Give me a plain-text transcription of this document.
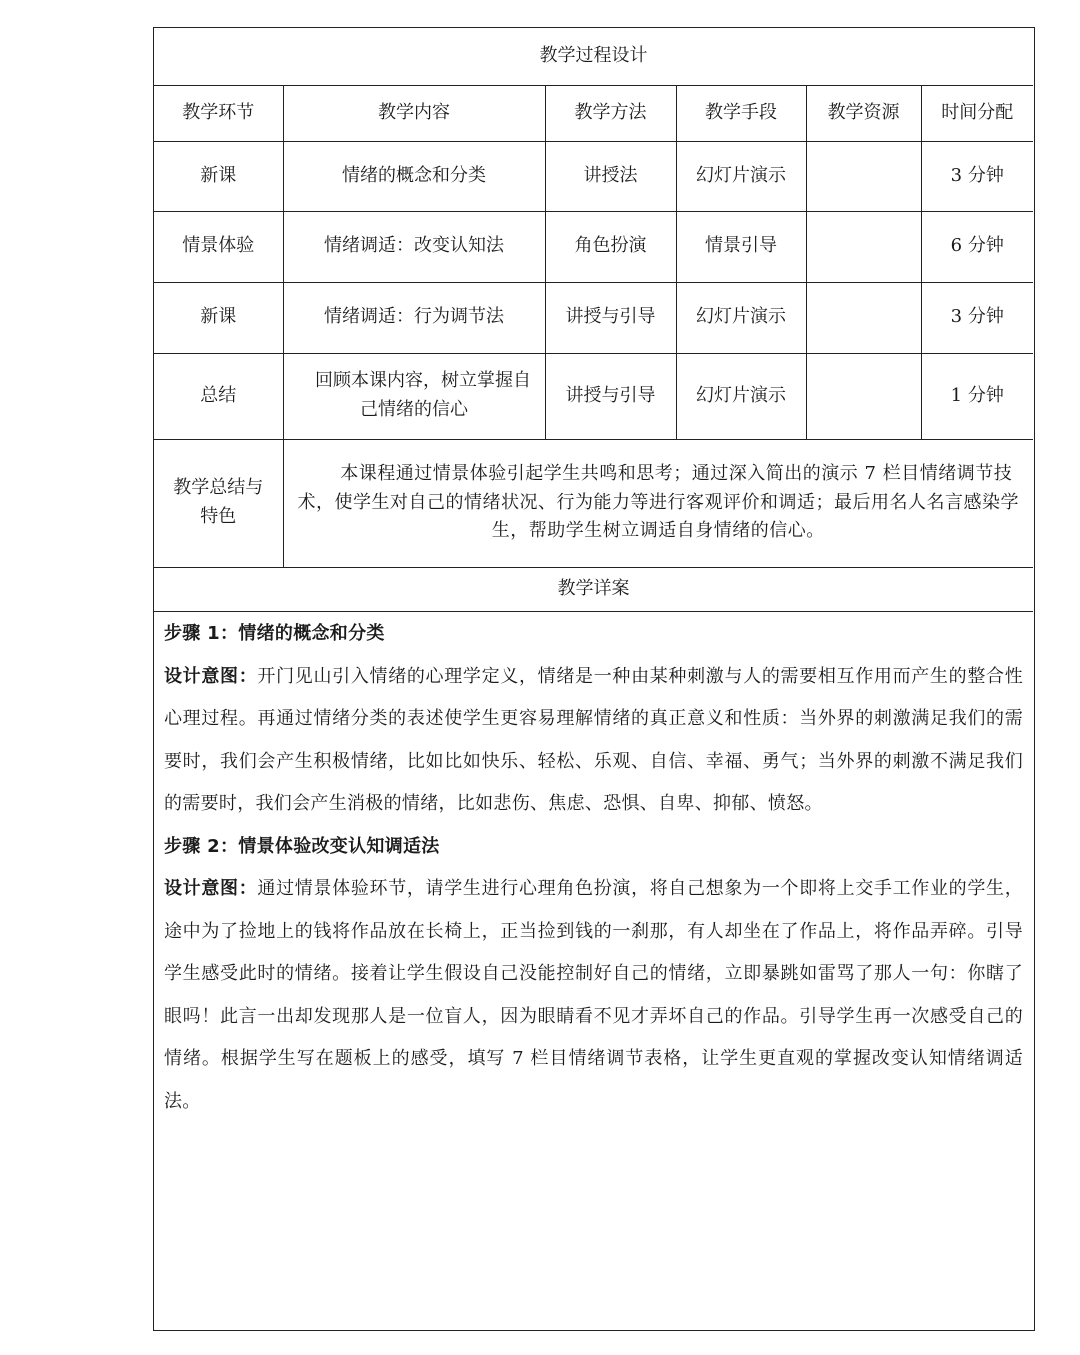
教学过程设计					
教学环节	教学内容	教学方法	教学手段	教学资源	时间分配
新课	情绪的概念和分类	讲授法	幻灯片演示		3 分钟
情景体验	情绪调适：改变认知法	角色扮演	情景引导		6 分钟
新课	情绪调适：行为调节法	讲授与引导	幻灯片演示		3 分钟
总结	回顾本课内容，树立掌握自己情绪的信心	讲授与引导	幻灯片演示		1 分钟
教学总结与特色	本课程通过情景体验引起学生共鸣和思考；通过深入简出的演示 7 栏目情绪调节技术，使学生对自己的情绪状况、行为能力等进行客观评价和调适；最后用名人名言感染学生，帮助学生树立调适自身情绪的信心。				
教学详案					

步骤 1：情绪的概念和分类

设计意图：开门见山引入情绪的心理学定义，情绪是一种由某种刺激与人的需要相互作用而产生的整合性心理过程。再通过情绪分类的表述使学生更容易理解情绪的真正意义和性质：当外界的刺激满足我们的需要时，我们会产生积极情绪，比如比如快乐、轻松、乐观、自信、幸福、勇气；当外界的刺激不满足我们的需要时，我们会产生消极的情绪，比如悲伤、焦虑、恐惧、自卑、抑郁、愤怒。

步骤 2：情景体验改变认知调适法

设计意图：通过情景体验环节，请学生进行心理角色扮演，将自己想象为一个即将上交手工作业的学生，途中为了捡地上的钱将作品放在长椅上，正当捡到钱的一刹那，有人却坐在了作品上，将作品弄碎。引导学生感受此时的情绪。接着让学生假设自己没能控制好自己的情绪，立即暴跳如雷骂了那人一句：你瞎了眼吗！此言一出却发现那人是一位盲人，因为眼睛看不见才弄坏自己的作品。引导学生再一次感受自己的情绪。根据学生写在题板上的感受，填写 7 栏目情绪调节表格，让学生更直观的掌握改变认知情绪调适法。
